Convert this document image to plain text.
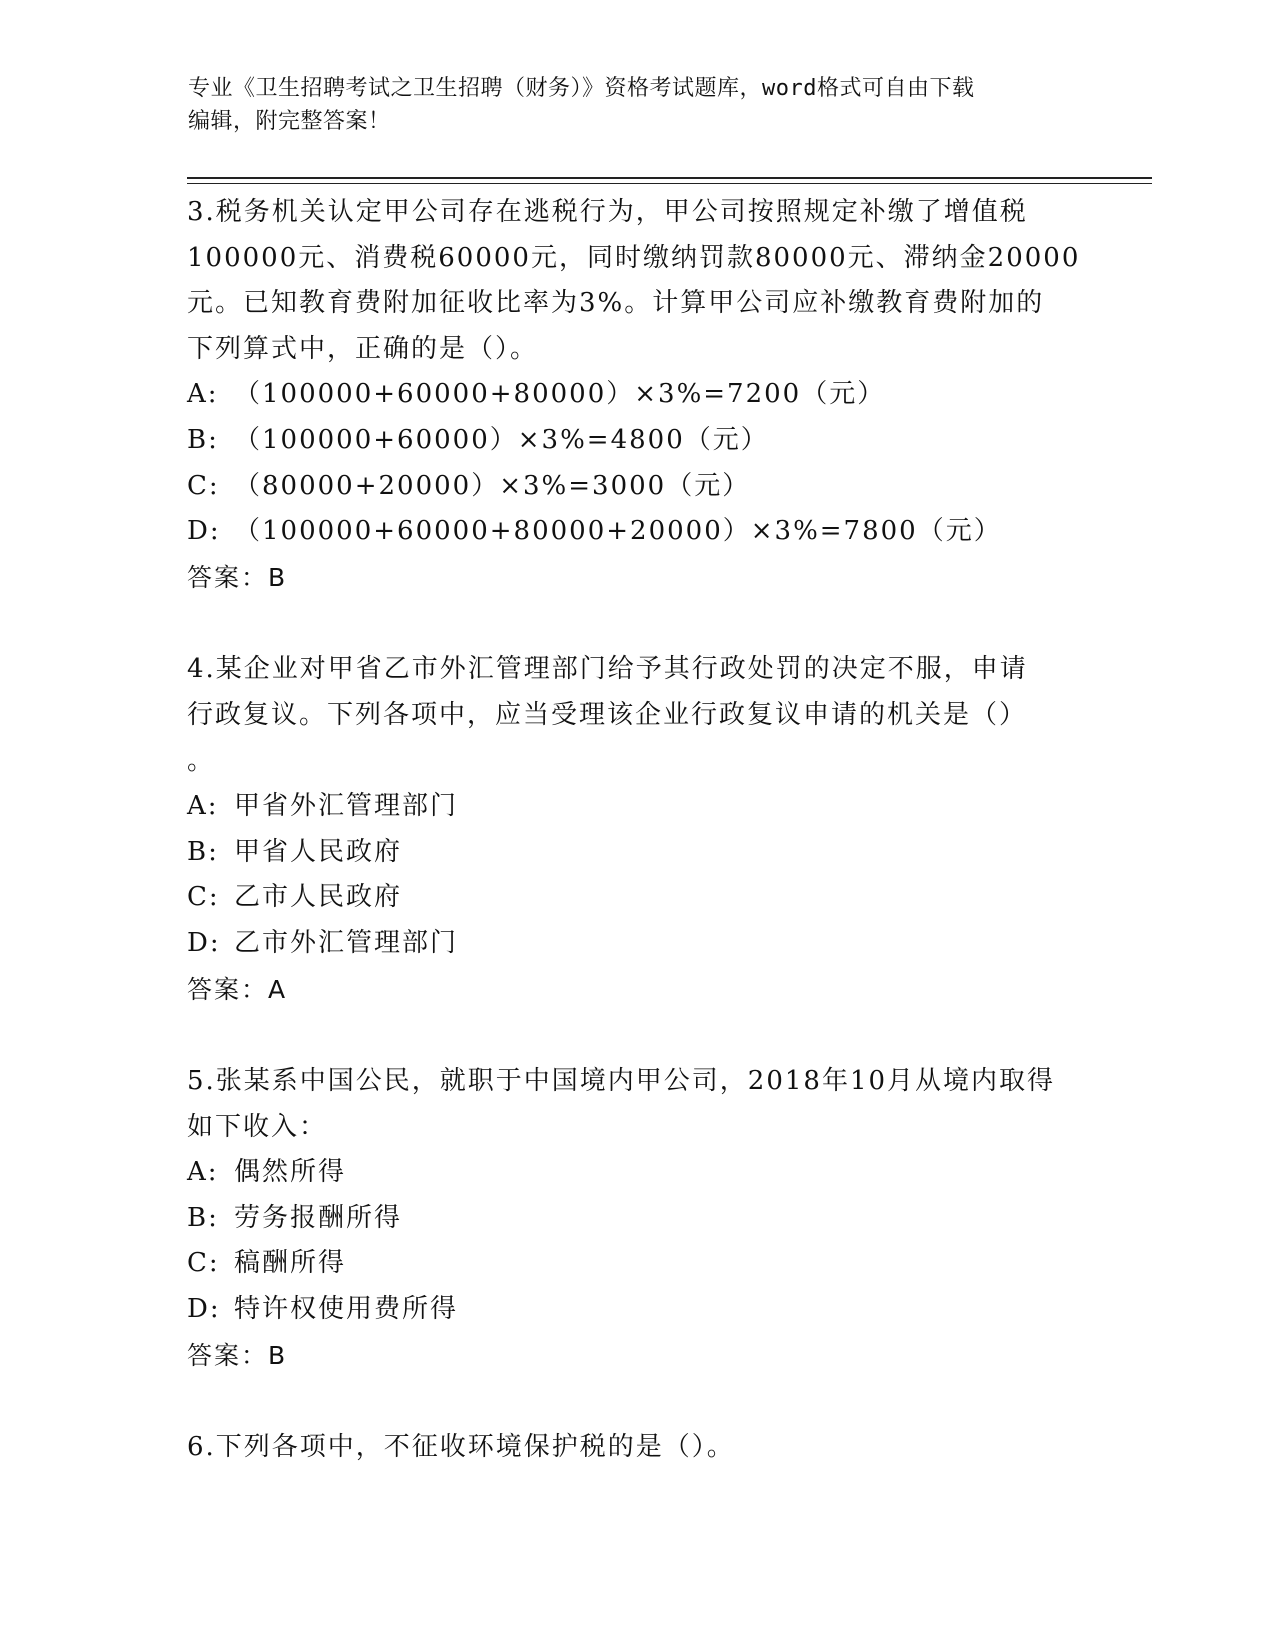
专业《卫生招聘考试之卫生招聘（财务）》资格考试题库，word格式可自由下载
编辑，附完整答案！
3.税务机关认定甲公司存在逃税行为，甲公司按照规定补缴了增值税
100000元、消费税60000元，同时缴纳罚款80000元、滞纳金20000
元。已知教育费附加征收比率为3%。计算甲公司应补缴教育费附加的
下列算式中，正确的是（）。
A: （100000+60000+80000）×3%=7200（元）
B: （100000+60000）×3%=4800（元）
C: （80000+20000）×3%=3000（元）
D: （100000+60000+80000+20000）×3%=7800（元）
答案：B
4.某企业对甲省乙市外汇管理部门给予其行政处罚的决定不服，申请
行政复议。下列各项中，应当受理该企业行政复议申请的机关是（）
。
A: 甲省外汇管理部门
B: 甲省人民政府
C: 乙市人民政府
D: 乙市外汇管理部门
答案：A
5.张某系中国公民，就职于中国境内甲公司，2018年10月从境内取得
如下收入：
A: 偶然所得
B: 劳务报酬所得
C: 稿酬所得
D: 特许权使用费所得
答案：B
6.下列各项中，不征收环境保护税的是（）。
